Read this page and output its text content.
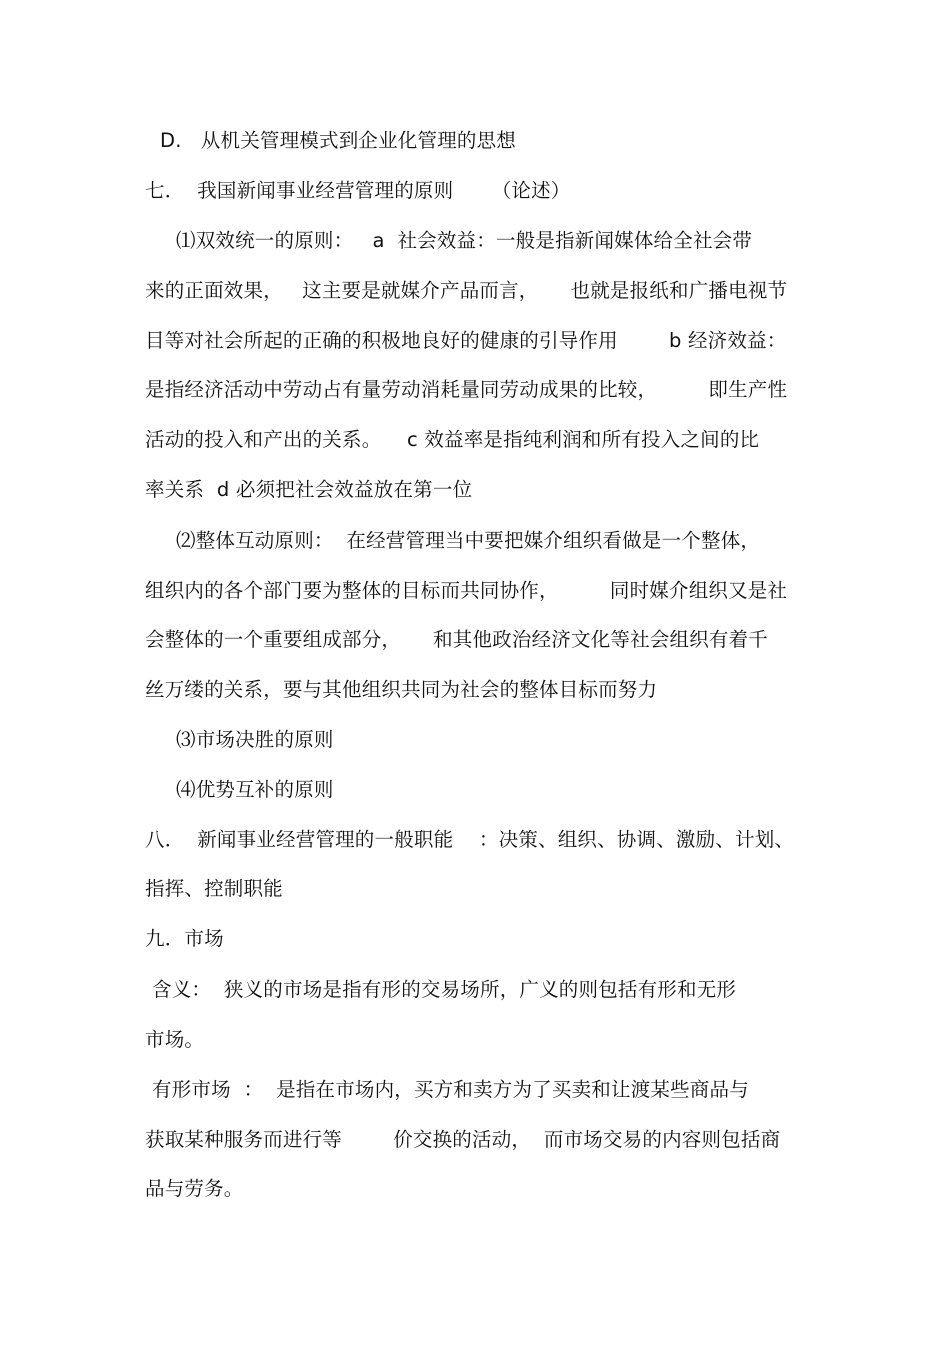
D.   从机关管理模式到企业化管理的思想
七．  我国新闻事业经营管理的原则      （论述）
⑴双效统一的原则：   a  社会效益：一般是指新闻媒体给全社会带
来的正面效果，   这主要是就媒介产品而言，     也就是报纸和广播电视节
目等对社会所起的正确的积极地良好的健康的引导作用        b 经济效益：
是指经济活动中劳动占有量劳动消耗量同劳动成果的比较，        即生产性
活动的投入和产出的关系。    c 效益率是指纯利润和所有投入之间的比
率关系  d 必须把社会效益放在第一位
⑵整体互动原则：  在经营管理当中要把媒介组织看做是一个整体，
组织内的各个部门要为整体的目标而共同协作，        同时媒介组织又是社
会整体的一个重要组成部分，     和其他政治经济文化等社会组织有着千
丝万缕的关系，要与其他组织共同为社会的整体目标而努力
⑶市场决胜的原则
⑷优势互补的原则
八．  新闻事业经营管理的一般职能    ：决策、组织、协调、激励、计划、
指挥、控制职能
九．市场
含义：  狭义的市场是指有形的交易场所，广义的则包括有形和无形
市场。
有形市场  ：  是指在市场内，买方和卖方为了买卖和让渡某些商品与
获取某种服务而进行等        价交换的活动，  而市场交易的内容则包括商
品与劳务。
